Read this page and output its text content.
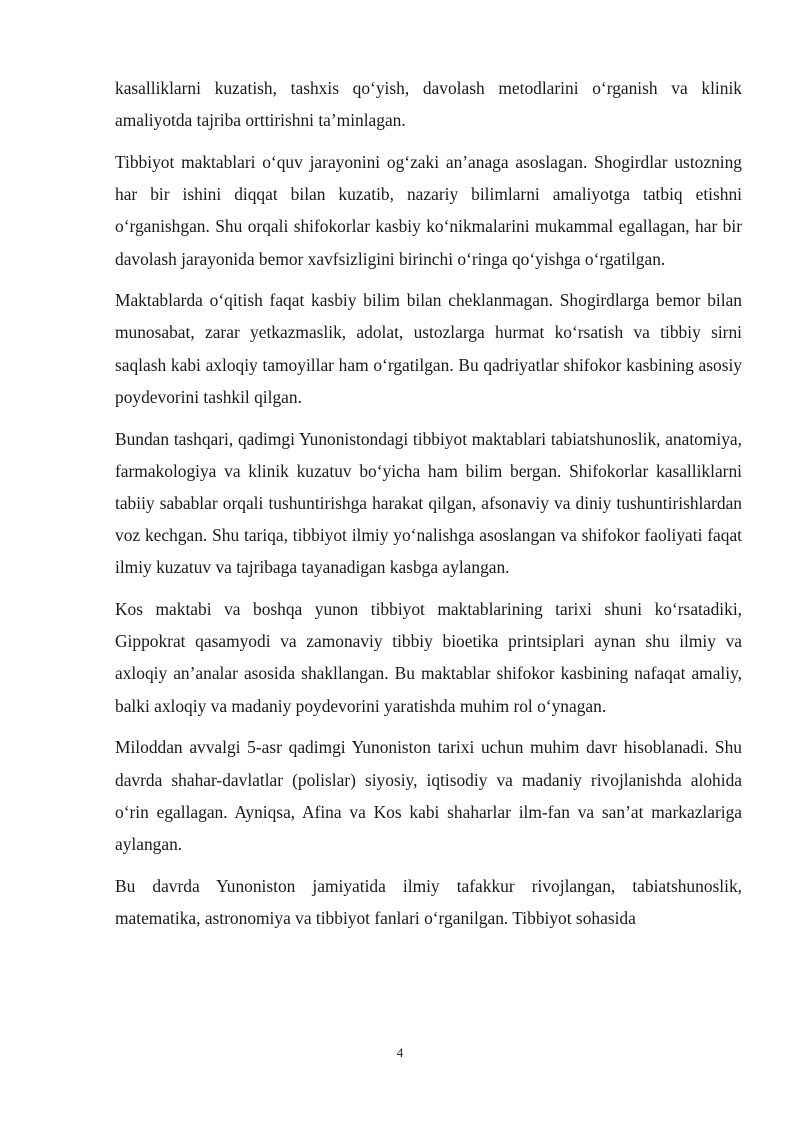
kasalliklarni kuzatish, tashxis qo‘yish, davolash metodlarini o‘rganish va klinik amaliyotda tajriba orttirishni ta’minlagan.

Tibbiyot maktablari o‘quv jarayonini og‘zaki an’anaga asoslagan. Shogirdlar ustozning har bir ishini diqqat bilan kuzatib, nazariy bilimlarni amaliyotga tatbiq etishni o‘rganishgan. Shu orqali shifokorlar kasbiy ko‘nikmalarini mukammal egallagan, har bir davolash jarayonida bemor xavfsizligini birinchi o‘ringa qo‘yishga o‘rgatilgan.

Maktablarda o‘qitish faqat kasbiy bilim bilan cheklanmagan. Shogirdlarga bemor bilan munosabat, zarar yetkazmaslik, adolat, ustozlarga hurmat ko‘rsatish va tibbiy sirni saqlash kabi axloqiy tamoyillar ham o‘rgatilgan. Bu qadriyatlar shifokor kasbining asosiy poydevorini tashkil qilgan.

Bundan tashqari, qadimgi Yunonistondagi tibbiyot maktablari tabiatshunoslik, anatomiya, farmakologiya va klinik kuzatuv bo‘yicha ham bilim bergan. Shifokorlar kasalliklarni tabiiy sabablar orqali tushuntirishga harakat qilgan, afsonaviy va diniy tushuntirishlardan voz kechgan. Shu tariqa, tibbiyot ilmiy yo‘nalishga asoslangan va shifokor faoliyati faqat ilmiy kuzatuv va tajribaga tayanadigan kasbga aylangan.

Kos maktabi va boshqa yunon tibbiyot maktablarining tarixi shuni ko‘rsatadiki, Gippokrat qasamyodi va zamonaviy tibbiy bioetika printsiplari aynan shu ilmiy va axloqiy an’analar asosida shakllangan. Bu maktablar shifokor kasbining nafaqat amaliy, balki axloqiy va madaniy poydevorini yaratishda muhim rol o‘ynagan.

Miloddan avvalgi 5-asr qadimgi Yunoniston tarixi uchun muhim davr hisoblanadi. Shu davrda shahar-davlatlar (polislar) siyosiy, iqtisodiy va madaniy rivojlanishda alohida o‘rin egallagan. Ayniqsa, Afina va Kos kabi shaharlar ilm-fan va san’at markazlariga aylangan.

Bu davrda Yunoniston jamiyatida ilmiy tafakkur rivojlangan, tabiatshunoslik, matematika, astronomiya va tibbiyot fanlari o‘rganilgan. Tibbiyot sohasida

4
